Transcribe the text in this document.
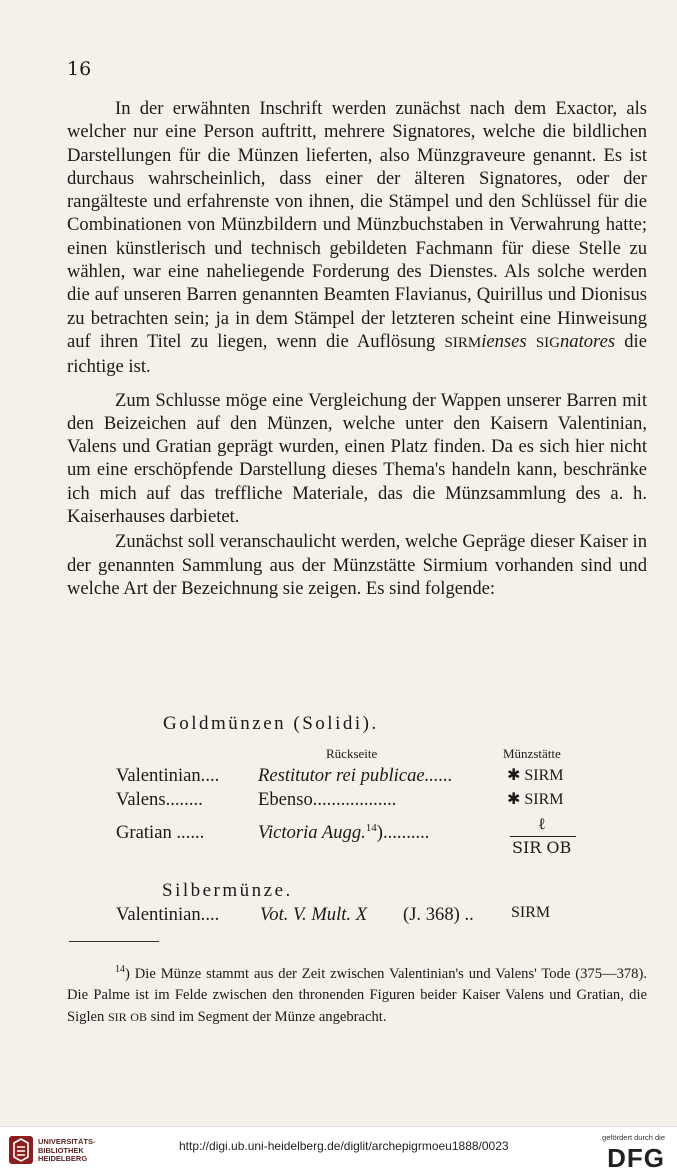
16

In der erwähnten Inschrift werden zunächst nach dem Exactor, als welcher nur eine Person auftritt, mehrere Signatores, welche die bildlichen Darstellungen für die Münzen lieferten, also Münzgraveure genannt. Es ist durchaus wahrscheinlich, dass einer der älteren Signatores, oder der rangälteste und erfahrenste von ihnen, die Stämpel und den Schlüssel für die Combinationen von Münzbildern und Münzbuchstaben in Verwahrung hatte; einen künstlerisch und technisch gebildeten Fachmann für diese Stelle zu wählen, war eine naheliegende Forderung des Dienstes. Als solche werden die auf unseren Barren genannten Beamten Flavianus, Quirillus und Dionisus zu betrachten sein; ja in dem Stämpel der letzteren scheint eine Hinweisung auf ihren Titel zu liegen, wenn die Auflösung SIRMienses SIGnatores die richtige ist.

Zum Schlusse möge eine Vergleichung der Wappen unserer Barren mit den Beizeichen auf den Münzen, welche unter den Kaisern Valentinian, Valens und Gratian geprägt wurden, einen Platz finden. Da es sich hier nicht um eine erschöpfende Darstellung dieses Thema's handeln kann, beschränke ich mich auf das treffliche Materiale, das die Münzsammlung des a. h. Kaiserhauses darbietet.

Zunächst soll veranschaulicht werden, welche Gepräge dieser Kaiser in der genannten Sammlung aus der Münzstätte Sirmium vorhanden sind und welche Art der Bezeichnung sie zeigen. Es sind folgende:

Goldmünzen (Solidi).
Rückseite	Münzstätte
Valentinian.... Restitutor rei publicae......	✱ SIRM
Valens........	Ebenso..................	✱ SIRM
Gratian ......	Victoria Augg.$^{14}$)..........	ℓ
SIR OB
Silbermünze.
Valentinian.... Vot. V. Mult. X (J. 368) .. SIRM
$^{14}$) Die Münze stammt aus der Zeit zwischen Valentinian's und Valens' Tode (375—378). Die Palme ist im Felde zwischen den thronenden Figuren beider Kaiser Valens und Gratian, die Siglen SIR OB sind im Segment der Münze angebracht.
UNIVERSITÄTS-
BIBLIOTHEK
HEIDELBERG
http://digi.ub.uni-heidelberg.de/diglit/archepigrmoeu1888/0023
gefördert durch die
DFG
